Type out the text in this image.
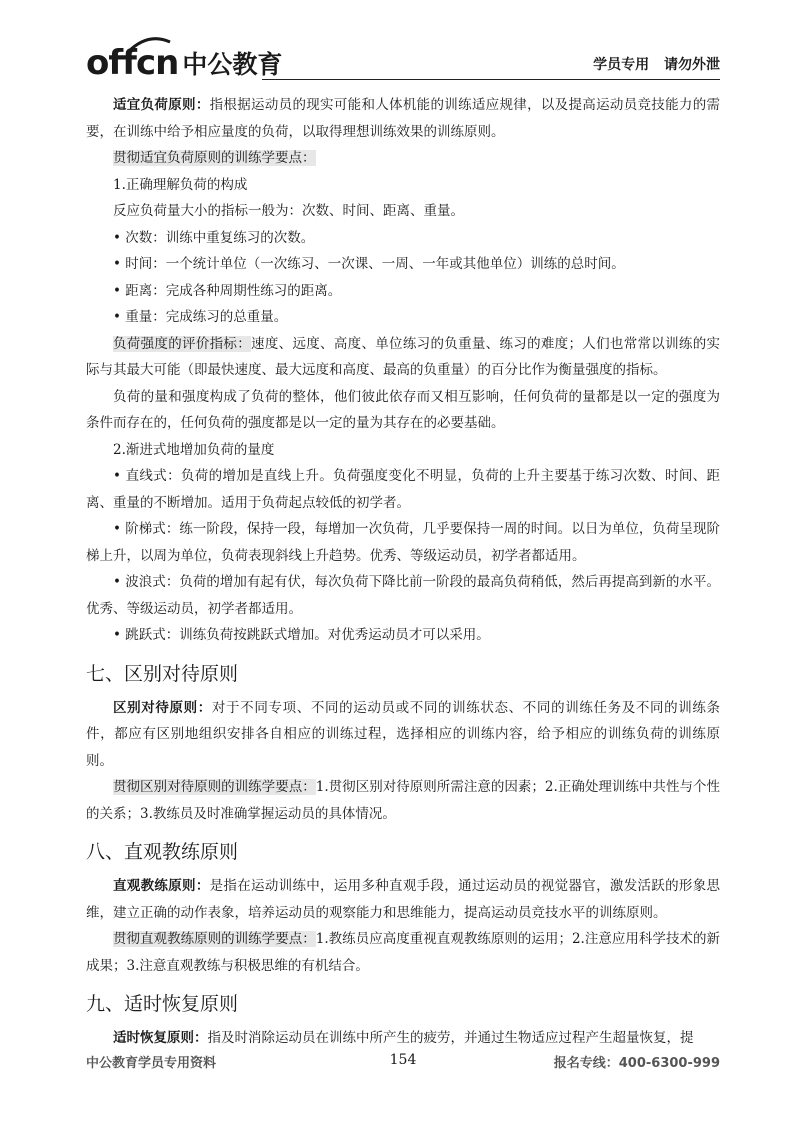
offcn 中公教育	学员专用 请勿外泄

适宜负荷原则：指根据运动员的现实可能和人体机能的训练适应规律，以及提高运动员竞技能力的需要，在训练中给予相应量度的负荷，以取得理想训练效果的训练原则。

贯彻适宜负荷原则的训练学要点：

1.正确理解负荷的构成

反应负荷量大小的指标一般为：次数、时间、距离、重量。

• 次数：训练中重复练习的次数。

• 时间：一个统计单位（一次练习、一次课、一周、一年或其他单位）训练的总时间。

• 距离：完成各种周期性练习的距离。

• 重量：完成练习的总重量。

负荷强度的评价指标：速度、远度、高度、单位练习的负重量、练习的难度；人们也常常以训练的实际与其最大可能（即最快速度、最大远度和高度、最高的负重量）的百分比作为衡量强度的指标。

负荷的量和强度构成了负荷的整体，他们彼此依存而又相互影响，任何负荷的量都是以一定的强度为条件而存在的，任何负荷的强度都是以一定的量为其存在的必要基础。

2.渐进式地增加负荷的量度

• 直线式：负荷的增加是直线上升。负荷强度变化不明显，负荷的上升主要基于练习次数、时间、距离、重量的不断增加。适用于负荷起点较低的初学者。

• 阶梯式：练一阶段，保持一段，每增加一次负荷，几乎要保持一周的时间。以日为单位，负荷呈现阶梯上升，以周为单位，负荷表现斜线上升趋势。优秀、等级运动员，初学者都适用。

• 波浪式：负荷的增加有起有伏，每次负荷下降比前一阶段的最高负荷稍低，然后再提高到新的水平。优秀、等级运动员，初学者都适用。

• 跳跃式：训练负荷按跳跃式增加。对优秀运动员才可以采用。

七、区别对待原则

区别对待原则：对于不同专项、不同的运动员或不同的训练状态、不同的训练任务及不同的训练条件，都应有区别地组织安排各自相应的训练过程，选择相应的训练内容，给予相应的训练负荷的训练原则。

贯彻区别对待原则的训练学要点：1.贯彻区别对待原则所需注意的因素；2.正确处理训练中共性与个性的关系；3.教练员及时准确掌握运动员的具体情况。

八、直观教练原则

直观教练原则：是指在运动训练中，运用多种直观手段，通过运动员的视觉器官，激发活跃的形象思维，建立正确的动作表象，培养运动员的观察能力和思维能力，提高运动员竞技水平的训练原则。

贯彻直观教练原则的训练学要点：1.教练员应高度重视直观教练原则的运用；2.注意应用科学技术的新成果；3.注意直观教练与积极思维的有机结合。

九、适时恢复原则

适时恢复原则：指及时消除运动员在训练中所产生的疲劳，并通过生物适应过程产生超量恢复，提

中公教育学员专用资料	154	报名专线：400-6300-999
